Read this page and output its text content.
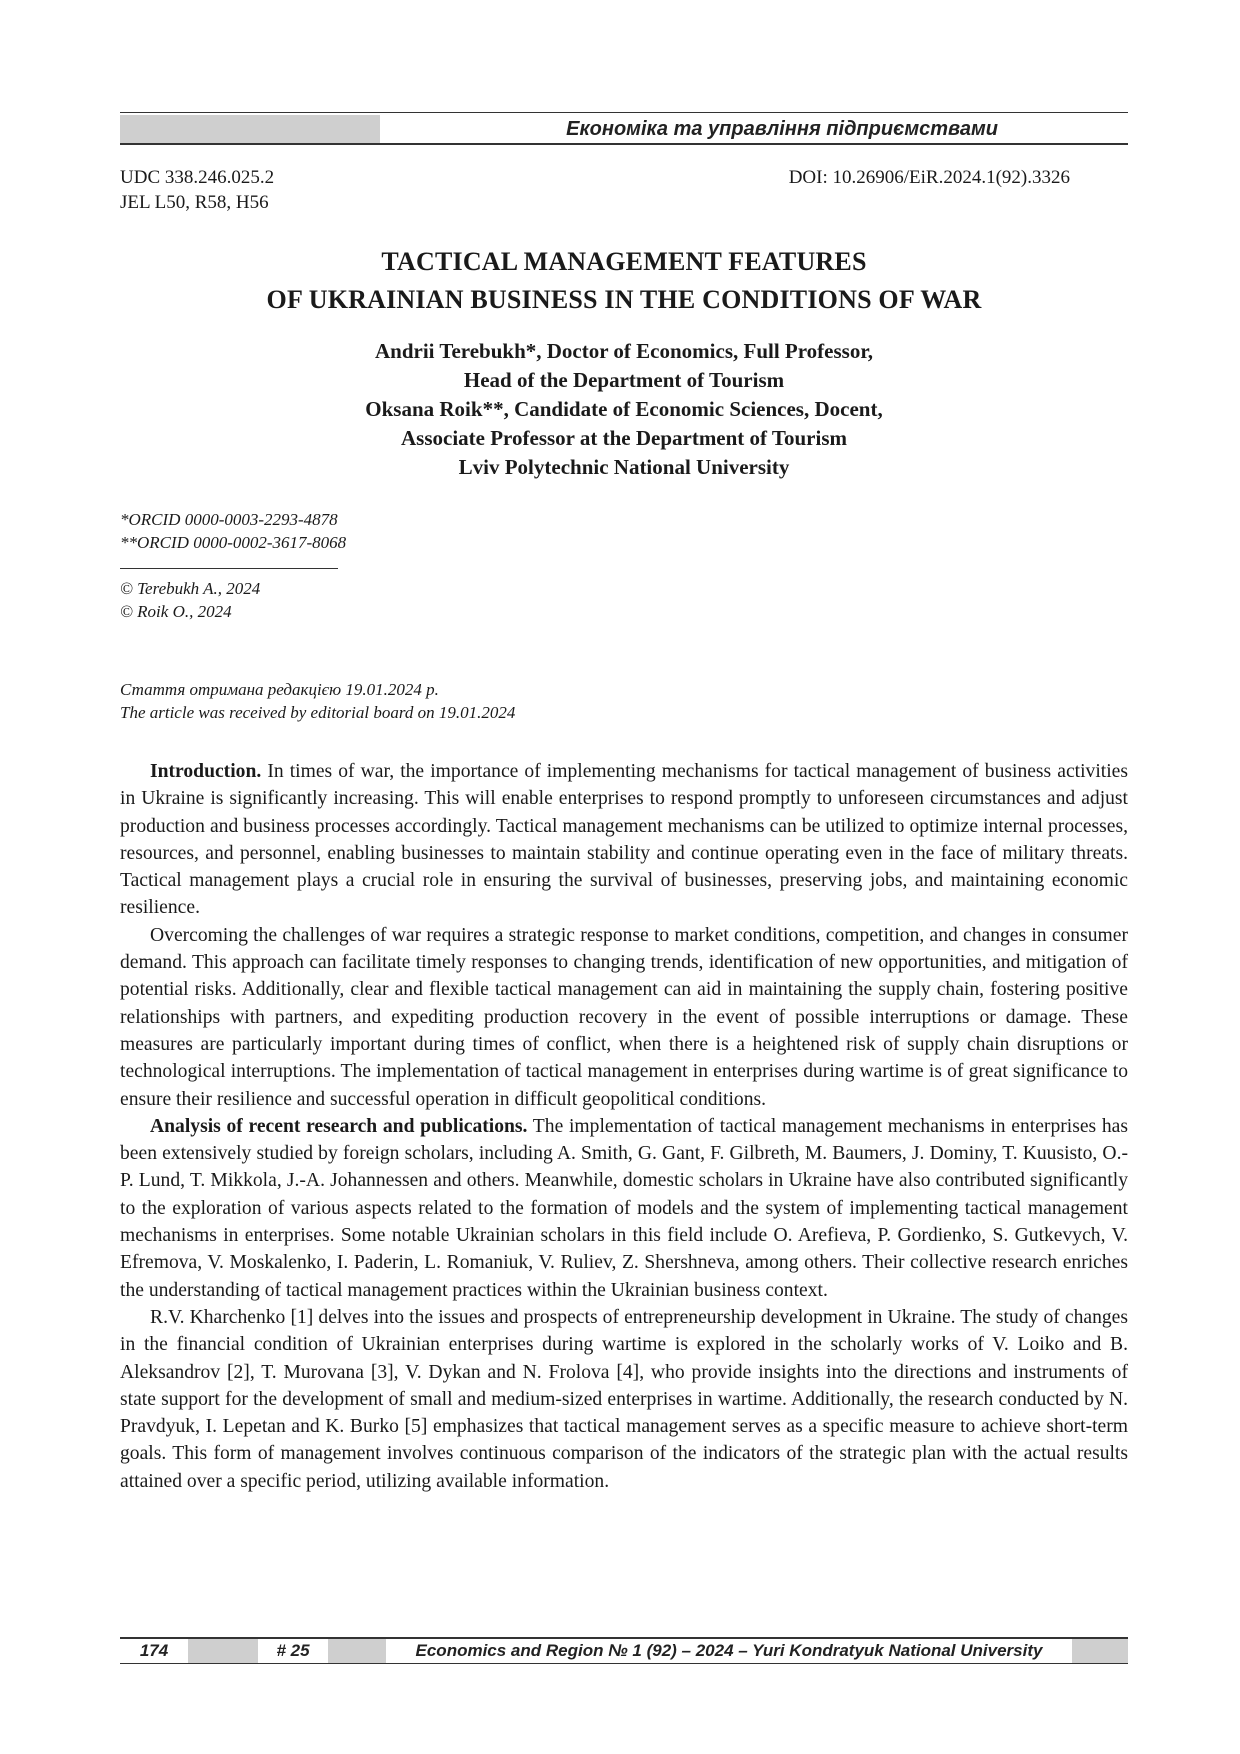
Економіка та управління підприємствами
UDC 338.246.025.2
JEL L50, R58, H56
DOI: 10.26906/EiR.2024.1(92).3326
TACTICAL MANAGEMENT FEATURES
OF UKRAINIAN BUSINESS IN THE CONDITIONS OF WAR
Andrii Terebukh*, Doctor of Economics, Full Professor,
Head of the Department of Tourism
Oksana Roik**, Candidate of Economic Sciences, Docent,
Associate Professor at the Department of Tourism
Lviv Polytechnic National University
*ORCID 0000-0003-2293-4878
**ORCID 0000-0002-3617-8068
© Terebukh A., 2024
© Roik O., 2024
Стаття отримана редакцією 19.01.2024 р.
The article was received by editorial board on 19.01.2024

Introduction. In times of war, the importance of implementing mechanisms for tactical management of business activities in Ukraine is significantly increasing. This will enable enterprises to respond promptly to unforeseen circumstances and adjust production and business processes accordingly. Tactical management mechanisms can be utilized to optimize internal processes, resources, and personnel, enabling businesses to maintain stability and continue operating even in the face of military threats. Tactical management plays a crucial role in ensuring the survival of businesses, preserving jobs, and maintaining economic resilience.

Overcoming the challenges of war requires a strategic response to market conditions, competition, and changes in consumer demand. This approach can facilitate timely responses to changing trends, identification of new opportunities, and mitigation of potential risks. Additionally, clear and flexible tactical management can aid in maintaining the supply chain, fostering positive relationships with partners, and expediting production recovery in the event of possible interruptions or damage. These measures are particularly important during times of conflict, when there is a heightened risk of supply chain disruptions or technological interruptions. The implementation of tactical management in enterprises during wartime is of great significance to ensure their resilience and successful operation in difficult geopolitical conditions.

Analysis of recent research and publications. The implementation of tactical management mechanisms in enterprises has been extensively studied by foreign scholars, including A. Smith, G. Gant, F. Gilbreth, M. Baumers, J. Dominy, T. Kuusisto, O.-P. Lund, T. Mikkola, J.-A. Johannessen and others. Meanwhile, domestic scholars in Ukraine have also contributed significantly to the exploration of various aspects related to the formation of models and the system of implementing tactical management mechanisms in enterprises. Some notable Ukrainian scholars in this field include O. Arefieva, P. Gordienko, S. Gutkevych, V. Efremova, V. Moskalenko, I. Paderin, L. Romaniuk, V. Ruliev, Z. Shershneva, among others. Their collective research enriches the understanding of tactical management practices within the Ukrainian business context.

R.V. Kharchenko [1] delves into the issues and prospects of entrepreneurship development in Ukraine. The study of changes in the financial condition of Ukrainian enterprises during wartime is explored in the scholarly works of V. Loiko and B. Aleksandrov [2], T. Murovana [3], V. Dykan and N. Frolova [4], who provide insights into the directions and instruments of state support for the development of small and medium-sized enterprises in wartime. Additionally, the research conducted by N. Pravdyuk, I. Lepetan and K. Burko [5] emphasizes that tactical management serves as a specific measure to achieve short-term goals. This form of management involves continuous comparison of the indicators of the strategic plan with the actual results attained over a specific period, utilizing available information.

174	# 25	Economics and Region № 1 (92) – 2024 – Yuri Kondratyuk National University
